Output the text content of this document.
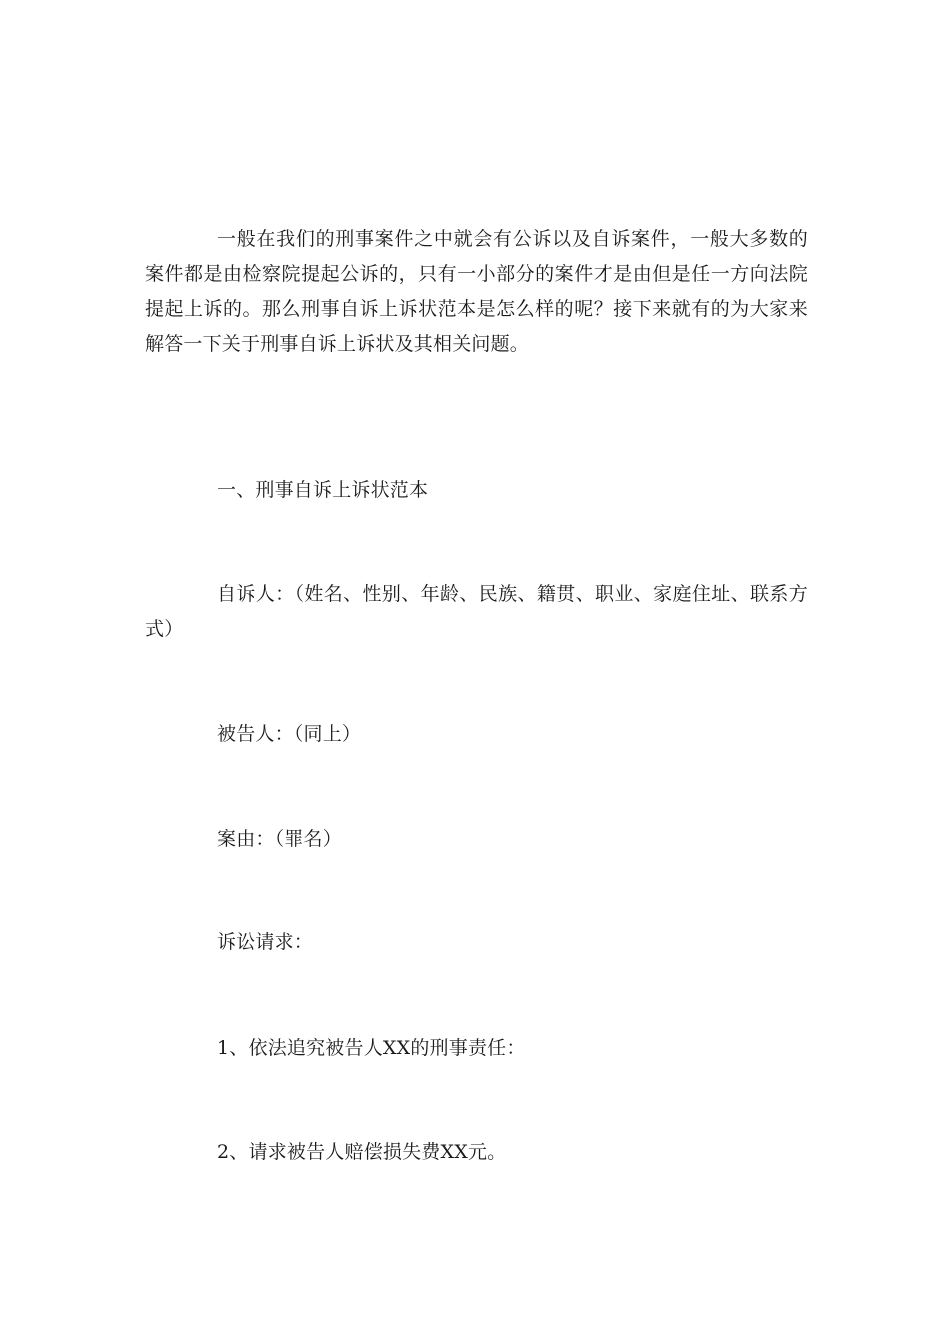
一般在我们的刑事案件之中就会有公诉以及自诉案件，一般大多数的案件都是由检察院提起公诉的，只有一小部分的案件才是由但是任一方向法院提起上诉的。那么刑事自诉上诉状范本是怎么样的呢？接下来就有的为大家来解答一下关于刑事自诉上诉状及其相关问题。

一、刑事自诉上诉状范本

自诉人：（姓名、性别、年龄、民族、籍贯、职业、家庭住址、联系方式）

被告人：（同上）

案由：（罪名）

诉讼请求：

1、依法追究被告人XX的刑事责任：

2、请求被告人赔偿损失费XX元。
